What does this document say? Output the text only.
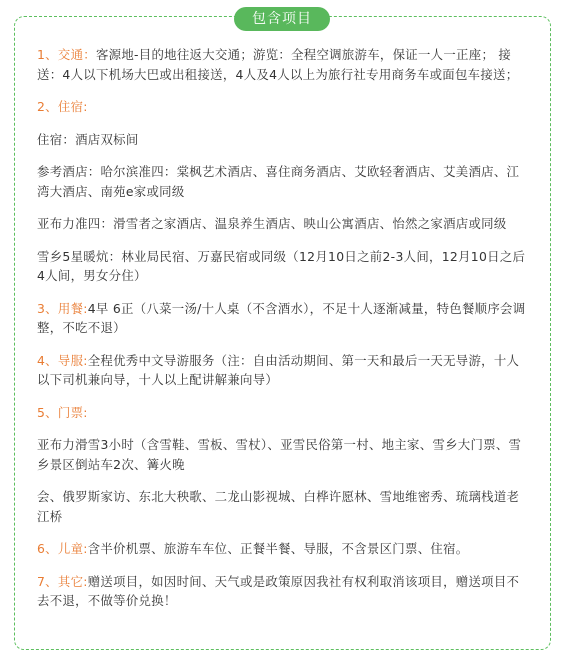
包含项目

1、交通：客源地-目的地往返大交通；游览：全程空调旅游车，保证一人一正座； 接送：4人以下机场大巴或出租接送，4人及4人以上为旅行社专用商务车或面包车接送；

2、住宿:

住宿：酒店双标间

参考酒店：哈尔滨准四：棠枫艺术酒店、喜住商务酒店、艾欧轻奢酒店、艾美酒店、江湾大酒店、南苑e家或同级

亚布力准四：滑雪者之家酒店、温泉养生酒店、映山公寓酒店、怡然之家酒店或同级

雪乡5星暖炕：林业局民宿、万嘉民宿或同级（12月10日之前2-3人间，12月10日之后4人间，男女分住）

3、用餐:4早 6正（八菜一汤/十人桌（不含酒水），不足十人逐渐减量，特色餐顺序会调整，不吃不退）

4、导服:全程优秀中文导游服务（注：自由活动期间、第一天和最后一天无导游，十人以下司机兼向导，十人以上配讲解兼向导）

5、门票:

亚布力滑雪3小时（含雪鞋、雪板、雪杖）、亚雪民俗第一村、地主家、雪乡大门票、雪乡景区倒站车2次、篝火晚

会、俄罗斯家访、东北大秧歌、二龙山影视城、白桦许愿林、雪地维密秀、琉璃栈道老江桥

6、儿童:含半价机票、旅游车车位、正餐半餐、导服，不含景区门票、住宿。

7、其它:赠送项目，如因时间、天气或是政策原因我社有权利取消该项目，赠送项目不去不退，不做等价兑换！
